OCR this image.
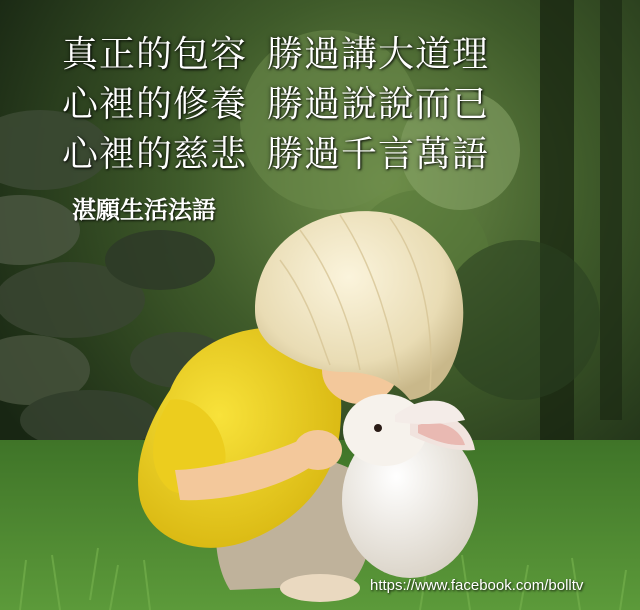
真正的包容 勝過講大道理
心裡的修養 勝過說說而已
心裡的慈悲 勝過千言萬語
湛願生活法語
https://www.facebook.com/bolltv
